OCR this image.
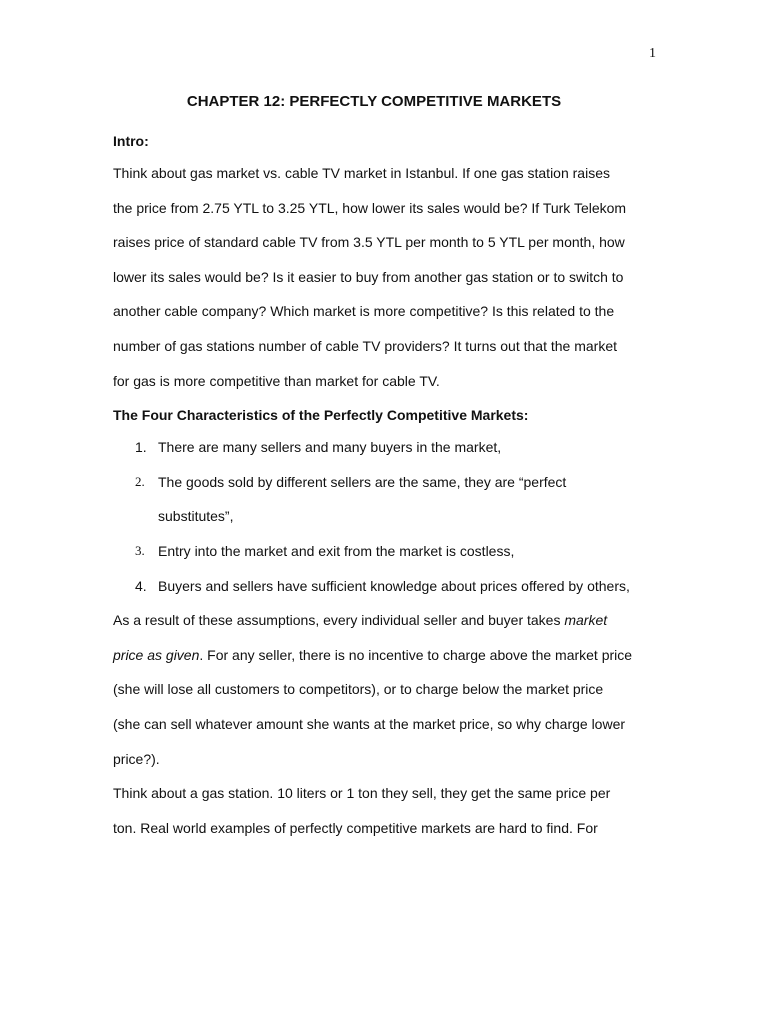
1
CHAPTER 12: PERFECTLY COMPETITIVE MARKETS
Intro:

Think about gas market vs. cable TV market in Istanbul. If one gas station raises the price from 2.75 YTL to 3.25 YTL, how lower its sales would be? If Turk Telekom raises price of standard cable TV from 3.5 YTL per month to 5 YTL per month, how lower its sales would be? Is it easier to buy from another gas station or to switch to another cable company? Which market is more competitive? Is this related to the number of gas stations number of cable TV providers? It turns out that the market for gas is more competitive than market for cable TV.

The Four Characteristics of the Perfectly Competitive Markets:
1. There are many sellers and many buyers in the market,
2. The goods sold by different sellers are the same, they are “perfect substitutes”,
3. Entry into the market and exit from the market is costless,
4. Buyers and sellers have sufficient knowledge about prices offered by others,

As a result of these assumptions, every individual seller and buyer takes market price as given. For any seller, there is no incentive to charge above the market price (she will lose all customers to competitors), or to charge below the market price (she can sell whatever amount she wants at the market price, so why charge lower price?).

Think about a gas station. 10 liters or 1 ton they sell, they get the same price per ton. Real world examples of perfectly competitive markets are hard to find. For
